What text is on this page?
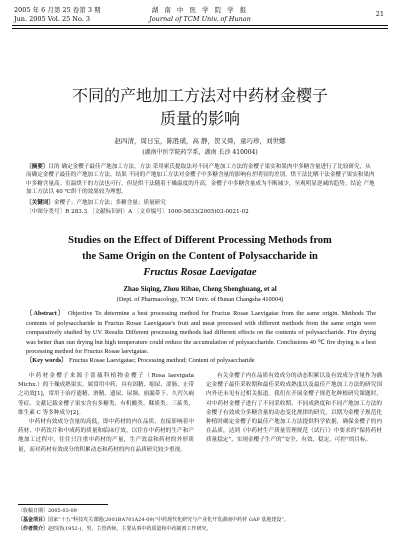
2005 年 6 月第 25 卷第 3 期	湖 南 中 医 学 院 学 报	21
Jun. 2005 Vol. 25 No. 3	Journal of TCM Univ. of Hunan
不同的产地加工方法对中药材金樱子
质量的影响
赵四清，周日宝，陈胜璜，高 静，贺又舜，童巧珍，刘世娜
(湖南中医学院药学系，湖南 长沙 410004)
〔摘要〕目的 确定金樱子最佳产地加工方法。方法 采用索氏提取法对不同产地加工方法的金樱子果实和果肉中多糖含量进行了比较研究，从而确定金樱子最佳的产地加工方法。结果 不同的产地加工方法对金樱子中多糖含量的影响有差明显的差别，烘干法比晒干法金樱子果实和果肉中多糖含量高。室温烘干的方法也可行，但是烘干法随着干燥温度的升高，金樱子中多糖含量成为不断减少，至观明显逆减的趋势。结论 产地加工方法以 40 ℃烘干的效果较为理想。
〔关键词〕金樱子；产地加工方法；多糖含量；质量研究
〔中图分类号〕R 283.3 〔文献标识码〕A 〔文章编号〕1000-5633(2005)03-0021-02
Studies on the Effect of Different Processing Methods from
the Same Origin on the Content of Polysaccharide in
Fructus Rosae Laevigatae
Zhao Siqing, Zhou Ribao, Cheng Shenghuang, et al
(Dept. of Pharmacology, TCM Univ. of Hunan Changsha 410004)
〔Abstract〕 Objective To determine a best processing method for Fructus Rosae Laevigatae from the same origin. Methods The contents of polysaccharide in Fructus Rosae Laevigatae's fruit and meat processed with different methods from the same origin were comparatively studied by UV. Results Different processing methods had different effects on the contents of polysaccharide. Fire drying was better than sun drying but high temperature could reduce the accumulation of polysaccharide. Conclusions 40 ℃ fire drying is a best processing method for Fructus Rosae laevigatae.
〔Key words〕 Fructus Rosae Laevigatae; Processing method; Content of polysaccharide

中药材金樱子来源于蔷薇科植物金樱子（Rosa laevigata Michx.）的干燥成熟果实，属常用中药，具有固精、缩尿、涩肠、止带之功效[1]，常用于治疗遗精、滑精、遗尿、尿频、崩漏带下、久泻久痢等症。文献记载金樱子果实含有多糖类、有机酸类、鞣质类、三萜类、维生素 C 等多种成分[2]。

中药材有效成分含量的高低，即中药材的内在品质，直接影响着中药材、中药饮片和中成药的质量和临床疗效。以往在中药材的生产和产地加工过程中，往往只注重中药材的产量，生产效益和药材的外形质量，而对药材有效成分的积累动态和药材的内在品质研究较少重视。

有关金樱子内在品质有效成分的动态积累以及有效成分含量作为确定金樱子最佳采收期和最佳采收成熟度以及最佳产地加工方法的研究国内外还未见有过相关报道。我们在开展金樱子规范化种植研究课题时，对中药材金樱子进行了不同采收期、不同成熟度和不同产地加工方法的金樱子有效成分多糖含量的动态变化规律的研究，以期为金樱子规范化种植时确定金樱子的最佳产地加工方法提供科学依据，确保金樱子的内在品质，达到《中药材生产质量管理规范（试行）》中要求的“保持药材质量稳定”，实现金樱子生产的“安全、有效、稳定、可控”的目标。

〔收稿日期〕2005-03-09
〔基金项目〕国家“十五”科技攻关课题(2001BA701A24-09)“中药现代化研究与产业化开发湖南中药材 GAP 基地建设”。
〔作者简介〕赵四清(1952-)，男，主管药师，主要从事中药质量和中药制剂工作研究。
